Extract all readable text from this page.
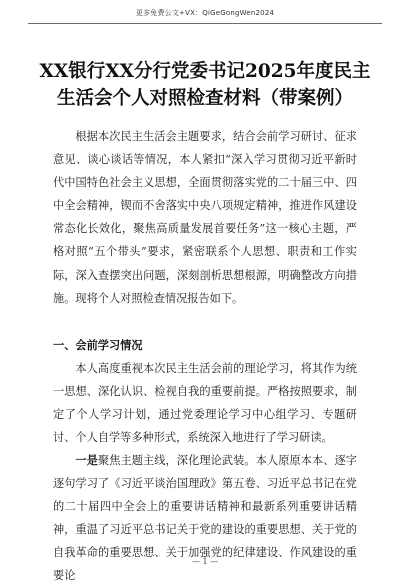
更多免费公文+VX：QiGeGongWen2024
XX银行XX分行党委书记2025年度民主
生活会个人对照检查材料（带案例）

根据本次民主生活会主题要求，结合会前学习研讨、征求意见、谈心谈话等情况，本人紧扣“深入学习贯彻习近平新时代中国特色社会主义思想，全面贯彻落实党的二十届三中、四中全会精神，锲而不舍落实中央八项规定精神，推进作风建设常态化长效化，聚焦高质量发展首要任务”这一核心主题，严格对照“五个带头”要求，紧密联系个人思想、职责和工作实际，深入查摆突出问题，深刻剖析思想根源，明确整改方向措施。现将个人对照检查情况报告如下。

一、会前学习情况

本人高度重视本次民主生活会前的理论学习，将其作为统一思想、深化认识、检视自我的重要前提。严格按照要求，制定了个人学习计划，通过党委理论学习中心组学习、专题研讨、个人自学等多种形式，系统深入地进行了学习研读。

一是聚焦主题主线，深化理论武装。本人原原本本、逐字逐句学习了《习近平谈治国理政》第五卷、习近平总书记在党的二十届四中全会上的重要讲话精神和最新系列重要讲话精神，重温了习近平总书记关于党的建设的重要思想、关于党的自我革命的重要思想、关于加强党的纪律建设、作风建设的重要论

— 1 —
